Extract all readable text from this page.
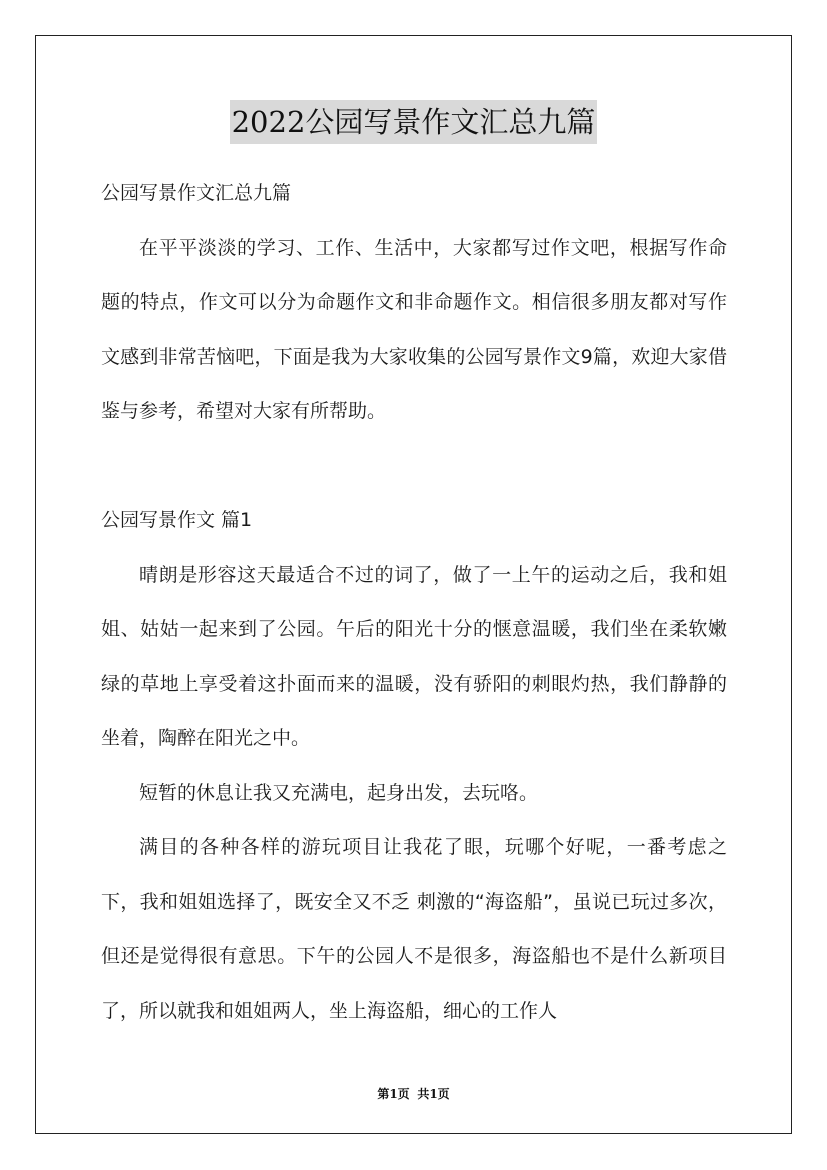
2022公园写景作文汇总九篇

公园写景作文汇总九篇

在平平淡淡的学习、工作、生活中，大家都写过作文吧，根据写作命题的特点，作文可以分为命题作文和非命题作文。相信很多朋友都对写作文感到非常苦恼吧，下面是我为大家收集的公园写景作文9篇，欢迎大家借鉴与参考，希望对大家有所帮助。

公园写景作文 篇1

晴朗是形容这天最适合不过的词了，做了一上午的运动之后，我和姐姐、姑姑一起来到了公园。午后的阳光十分的惬意温暖，我们坐在柔软嫩绿的草地上享受着这扑面而来的温暖，没有骄阳的刺眼灼热，我们静静的坐着，陶醉在阳光之中。

短暂的休息让我又充满电，起身出发，去玩咯。

满目的各种各样的游玩项目让我花了眼，玩哪个好呢，一番考虑之下，我和姐姐选择了，既安全又不乏 刺激的“海盗船”，虽说已玩过多次，但还是觉得很有意思。下午的公园人不是很多，海盗船也不是什么新项目了，所以就我和姐姐两人，坐上海盗船，细心的工作人

第1页 共1页
